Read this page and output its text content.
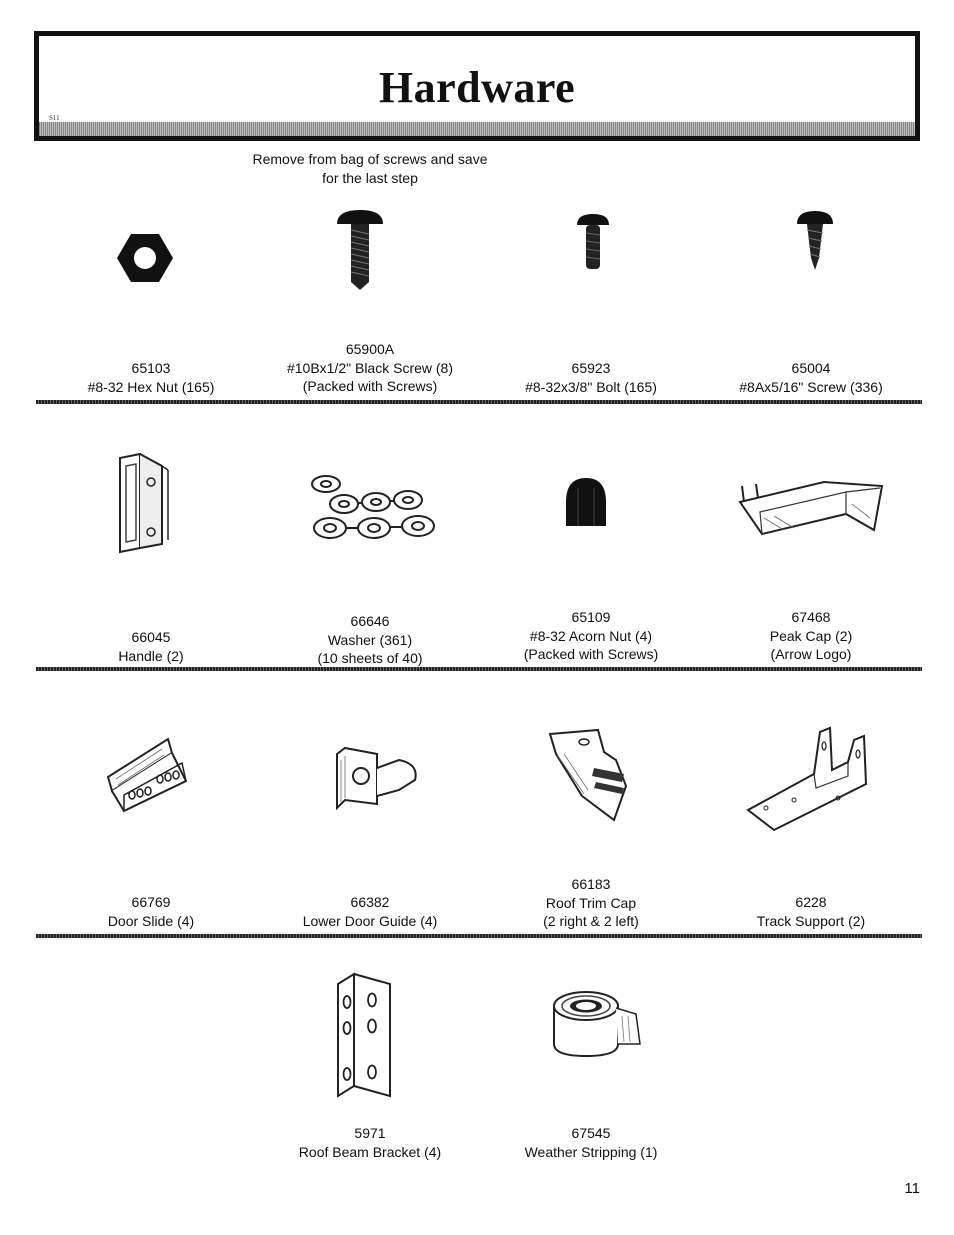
Hardware
S11
Remove from bag of screws and save for the last step
65103
#8-32 Hex Nut (165)
65900A
#10Bx1/2" Black Screw (8)
(Packed with Screws)
65923
#8-32x3/8" Bolt (165)
65004
#8Ax5/16" Screw (336)
66045
Handle (2)
66646
Washer (361)
(10 sheets of 40)
65109
#8-32 Acorn Nut (4)
(Packed with Screws)
67468
Peak Cap (2)
(Arrow Logo)
66769
Door Slide (4)
66382
Lower Door Guide (4)
66183
Roof Trim Cap
(2 right & 2 left)
6228
Track Support (2)
5971
Roof Beam Bracket (4)
67545
Weather Stripping (1)
11
